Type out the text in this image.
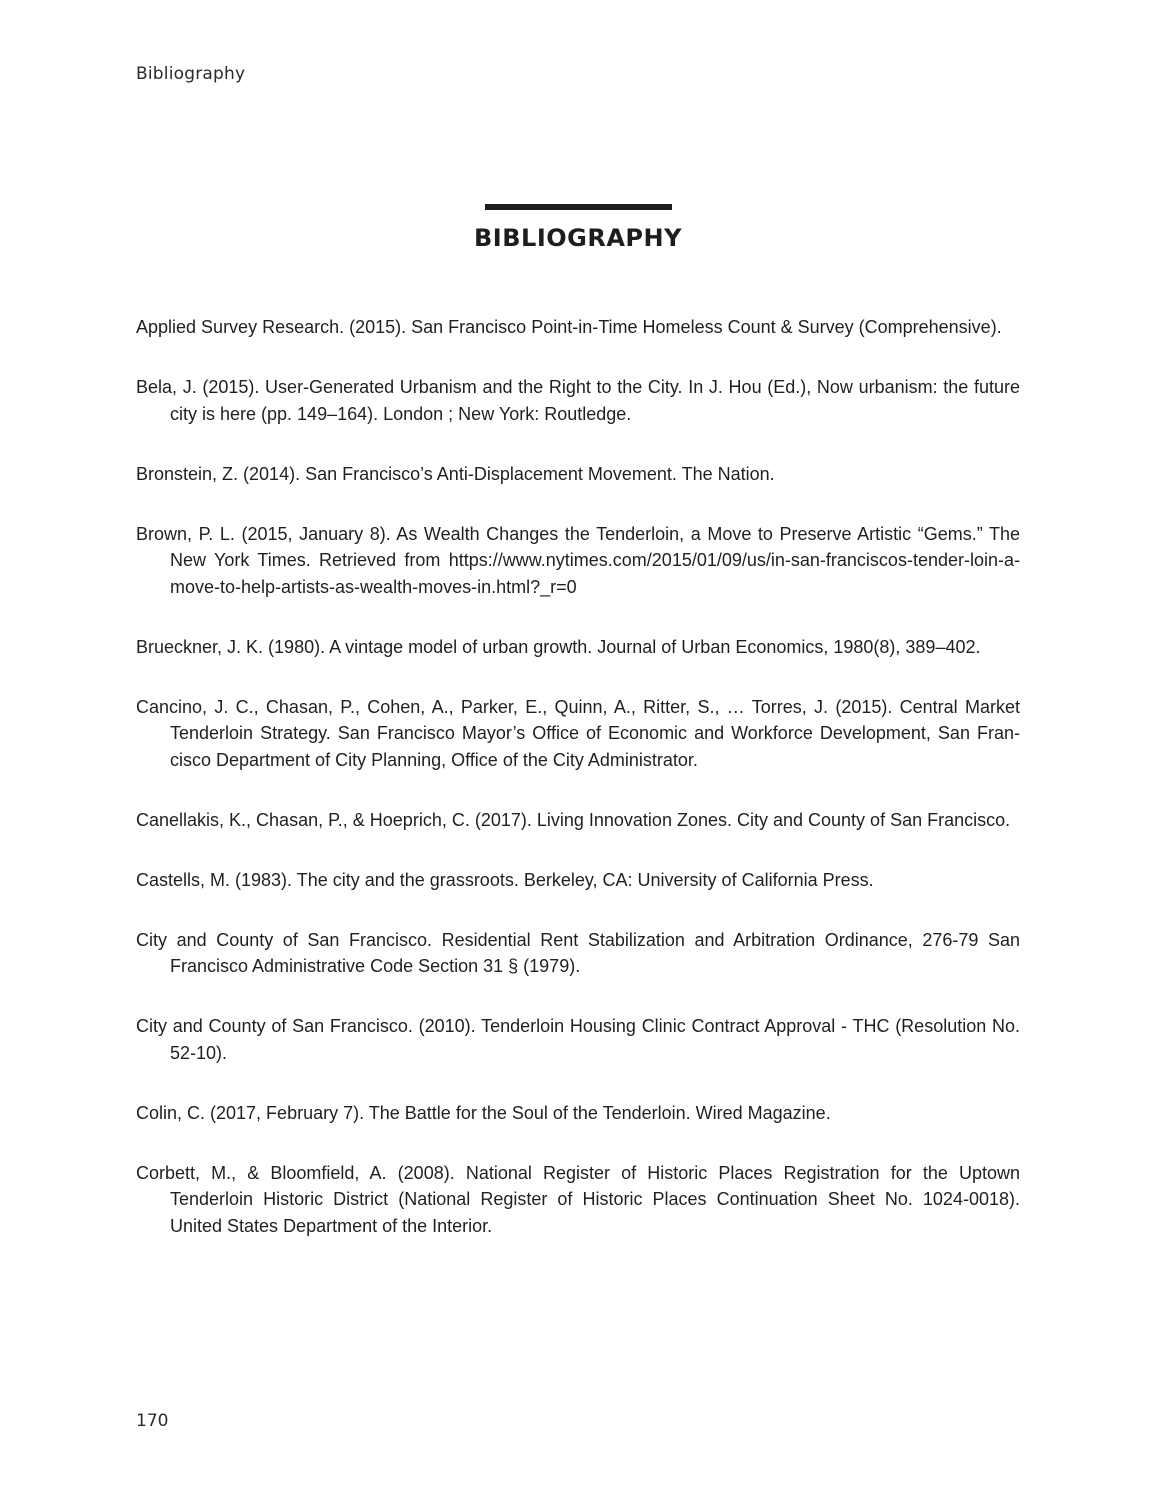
Bibliography
BIBLIOGRAPHY
Applied Survey Research. (2015). San Francisco Point-in-Time Homeless Count & Survey (Comprehensive).
Bela, J. (2015). User-Generated Urbanism and the Right to the City. In J. Hou (Ed.), Now urbanism: the future city is here (pp. 149–164). London ; New York: Routledge.
Bronstein, Z. (2014). San Francisco’s Anti-Displacement Movement. The Nation.
Brown, P. L. (2015, January 8). As Wealth Changes the Tenderloin, a Move to Preserve Artistic “Gems.” The New York Times. Retrieved from https://www.nytimes.com/2015/01/09/us/in-san-franciscos-tender-loin-a-move-to-help-artists-as-wealth-moves-in.html?_r=0
Brueckner, J. K. (1980). A vintage model of urban growth. Journal of Urban Economics, 1980(8), 389–402.
Cancino, J. C., Chasan, P., Cohen, A., Parker, E., Quinn, A., Ritter, S., … Torres, J. (2015). Central Market Tenderloin Strategy. San Francisco Mayor’s Office of Economic and Workforce Development, San Fran-cisco Department of City Planning, Office of the City Administrator.
Canellakis, K., Chasan, P., & Hoeprich, C. (2017). Living Innovation Zones. City and County of San Francisco.
Castells, M. (1983). The city and the grassroots. Berkeley, CA: University of California Press.
City and County of San Francisco. Residential Rent Stabilization and Arbitration Ordinance, 276-79 San Francisco Administrative Code Section 31 § (1979).
City and County of San Francisco. (2010). Tenderloin Housing Clinic Contract Approval - THC (Resolution No. 52-10).
Colin, C. (2017, February 7). The Battle for the Soul of the Tenderloin. Wired Magazine.
Corbett, M., & Bloomfield, A. (2008). National Register of Historic Places Registration for the Uptown Tenderloin Historic District (National Register of Historic Places Continuation Sheet No. 1024-0018). United States Department of the Interior.
170
